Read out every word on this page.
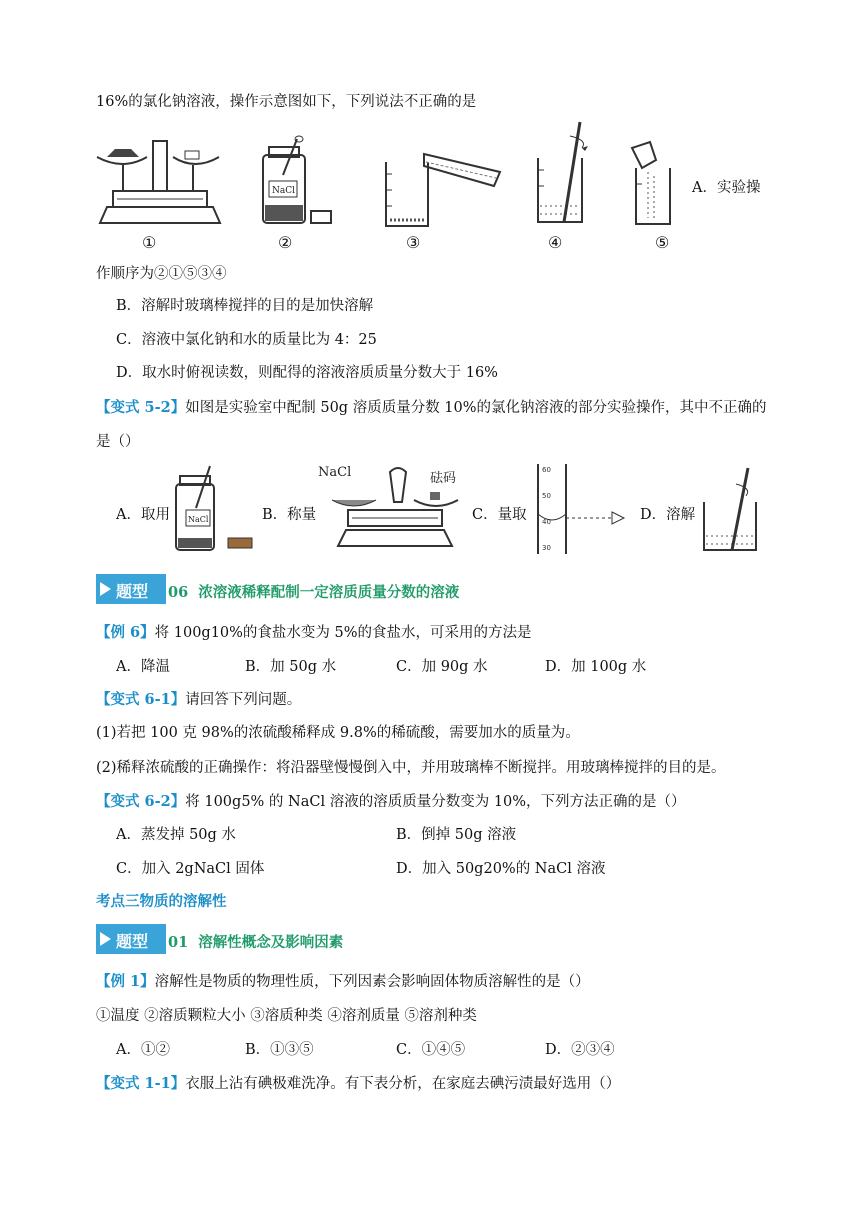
16%的氯化钠溶液，操作示意图如下，下列说法不正确的是
①
NaCl
②	③	④	⑤
A．实验操
作顺序为②①⑤③④
B．溶解时玻璃棒搅拌的目的是加快溶解
C．溶液中氯化钠和水的质量比为 4：25
D．取水时俯视读数，则配得的溶液溶质质量分数大于 16%
【变式 5-2】如图是实验室中配制 50g 溶质质量分数 10%的氯化钠溶液的部分实验操作，其中不正确的
是（）
A．取用 NaCl	B．称量
NaCl	砝码
C．量取
60
50
40
30
D．溶解
题型 06 浓溶液稀释配制一定溶质质量分数的溶液
【例 6】将 100g10%的食盐水变为 5%的食盐水，可采用的方法是
A．降温	B．加 50g 水	C．加 90g 水	D．加 100g 水
【变式 6-1】请回答下列问题。
(1)若把 100 克 98%的浓硫酸稀释成 9.8%的稀硫酸，需要加水的质量为。
(2)稀释浓硫酸的正确操作：将沿器壁慢慢倒入中，并用玻璃棒不断搅拌。用玻璃棒搅拌的目的是。
【变式 6-2】将 100g5% 的 NaCl 溶液的溶质质量分数变为 10%，下列方法正确的是（）
A．蒸发掉 50g 水	B．倒掉 50g 溶液
C．加入 2gNaCl 固体	D．加入 50g20%的 NaCl 溶液
考点三物质的溶解性
题型 01 溶解性概念及影响因素
【例 1】溶解性是物质的物理性质，下列因素会影响固体物质溶解性的是（）
①温度 ②溶质颗粒大小 ③溶质种类 ④溶剂质量 ⑤溶剂种类
A．①②	B．①③⑤	C．①④⑤	D．②③④
【变式 1-1】衣服上沾有碘极难洗净。有下表分析，在家庭去碘污渍最好选用（）
